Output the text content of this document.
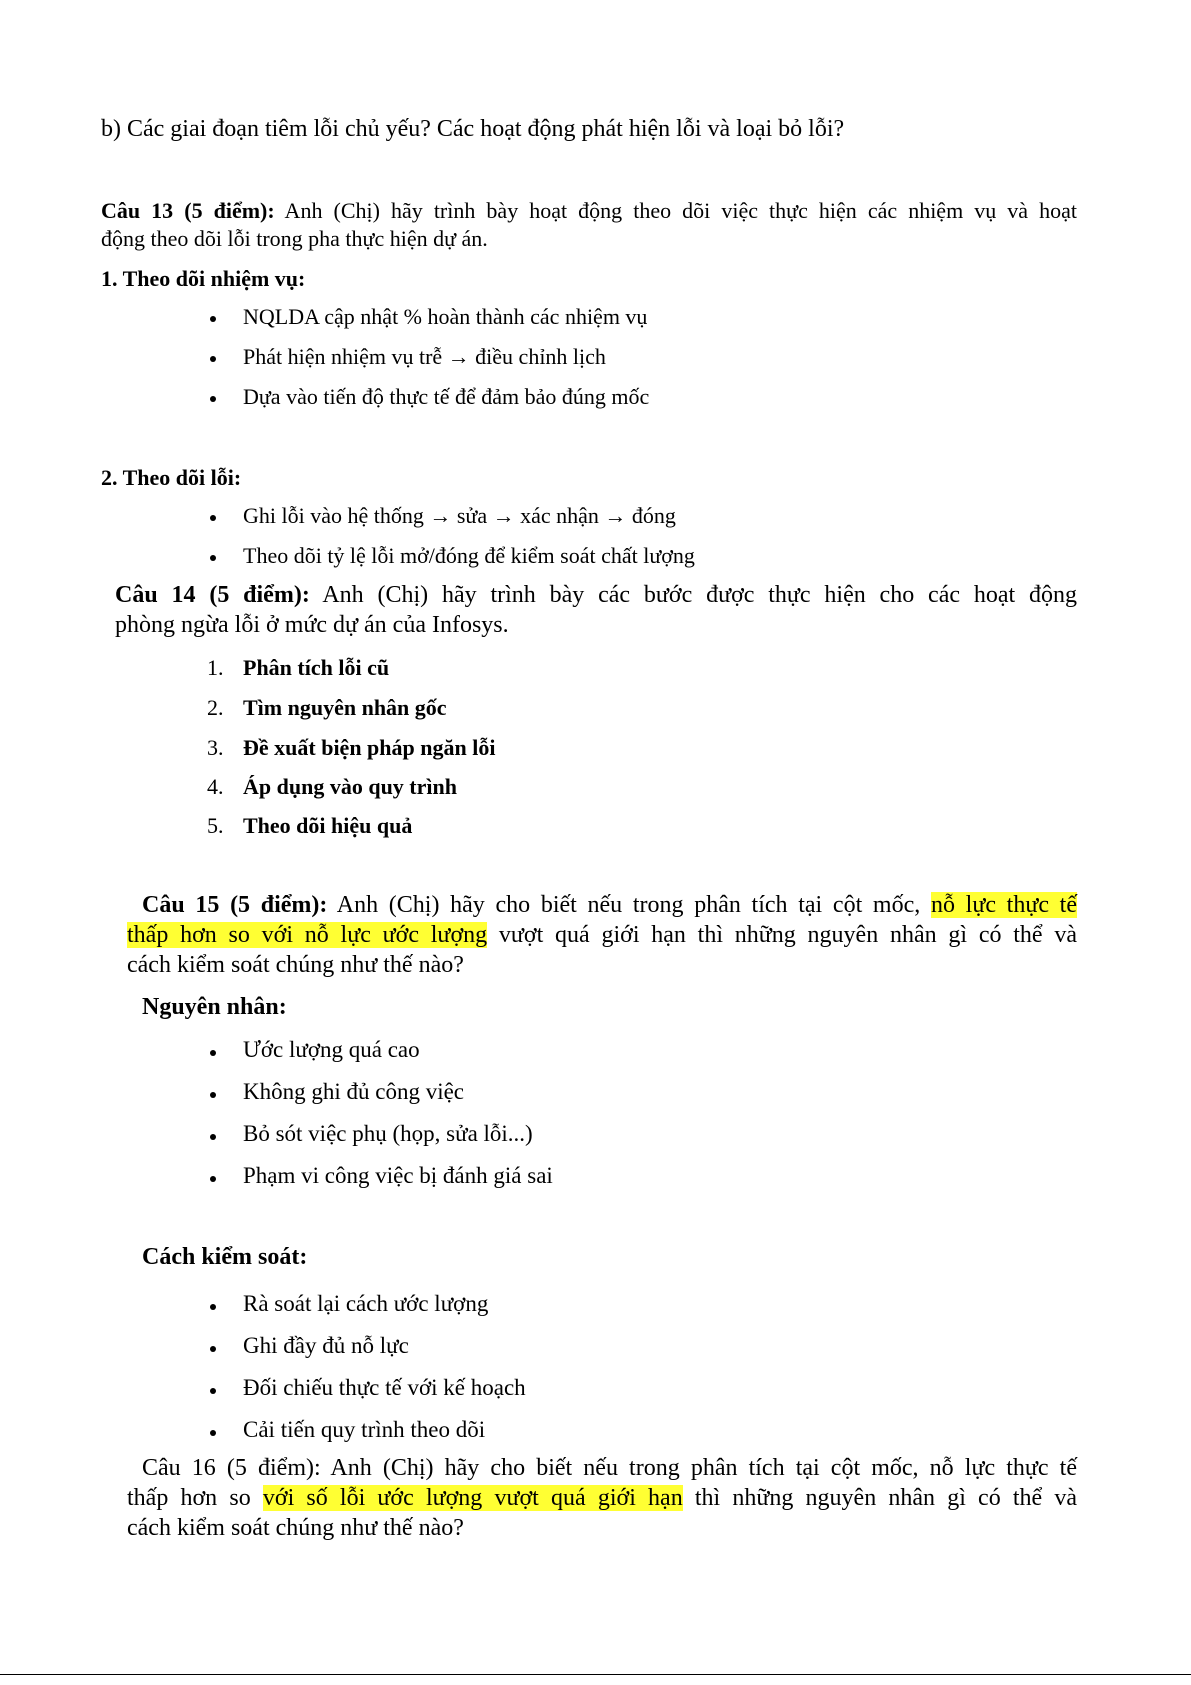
b) Các giai đoạn tiêm lỗi chủ yếu? Các hoạt động phát hiện lỗi và loại bỏ lỗi?
Câu 13 (5 điểm): Anh (Chị) hãy trình bày hoạt động theo dõi việc thực hiện các nhiệm vụ và hoạt
động theo dõi lỗi trong pha thực hiện dự án.
1. Theo dõi nhiệm vụ:
NQLDA cập nhật % hoàn thành các nhiệm vụ
Phát hiện nhiệm vụ trễ → điều chỉnh lịch
Dựa vào tiến độ thực tế để đảm bảo đúng mốc
2. Theo dõi lỗi:
Ghi lỗi vào hệ thống → sửa → xác nhận → đóng
Theo dõi tỷ lệ lỗi mở/đóng để kiểm soát chất lượng
Câu 14 (5 điểm): Anh (Chị) hãy trình bày các bước được thực hiện cho các hoạt động
phòng ngừa lỗi ở mức dự án của Infosys.
1. Phân tích lỗi cũ
2. Tìm nguyên nhân gốc
3. Đề xuất biện pháp ngăn lỗi
4. Áp dụng vào quy trình
5. Theo dõi hiệu quả
Câu 15 (5 điểm): Anh (Chị) hãy cho biết nếu trong phân tích tại cột mốc, nỗ lực thực tế
thấp hơn so với nỗ lực ước lượng vượt quá giới hạn thì những nguyên nhân gì có thể và
cách kiểm soát chúng như thế nào?
Nguyên nhân:
Ước lượng quá cao
Không ghi đủ công việc
Bỏ sót việc phụ (họp, sửa lỗi...)
Phạm vi công việc bị đánh giá sai
Cách kiểm soát:
Rà soát lại cách ước lượng
Ghi đầy đủ nỗ lực
Đối chiếu thực tế với kế hoạch
Cải tiến quy trình theo dõi
Câu 16 (5 điểm): Anh (Chị) hãy cho biết nếu trong phân tích tại cột mốc, nỗ lực thực tế
thấp hơn so với số lỗi ước lượng vượt quá giới hạn thì những nguyên nhân gì có thể và
cách kiểm soát chúng như thế nào?
